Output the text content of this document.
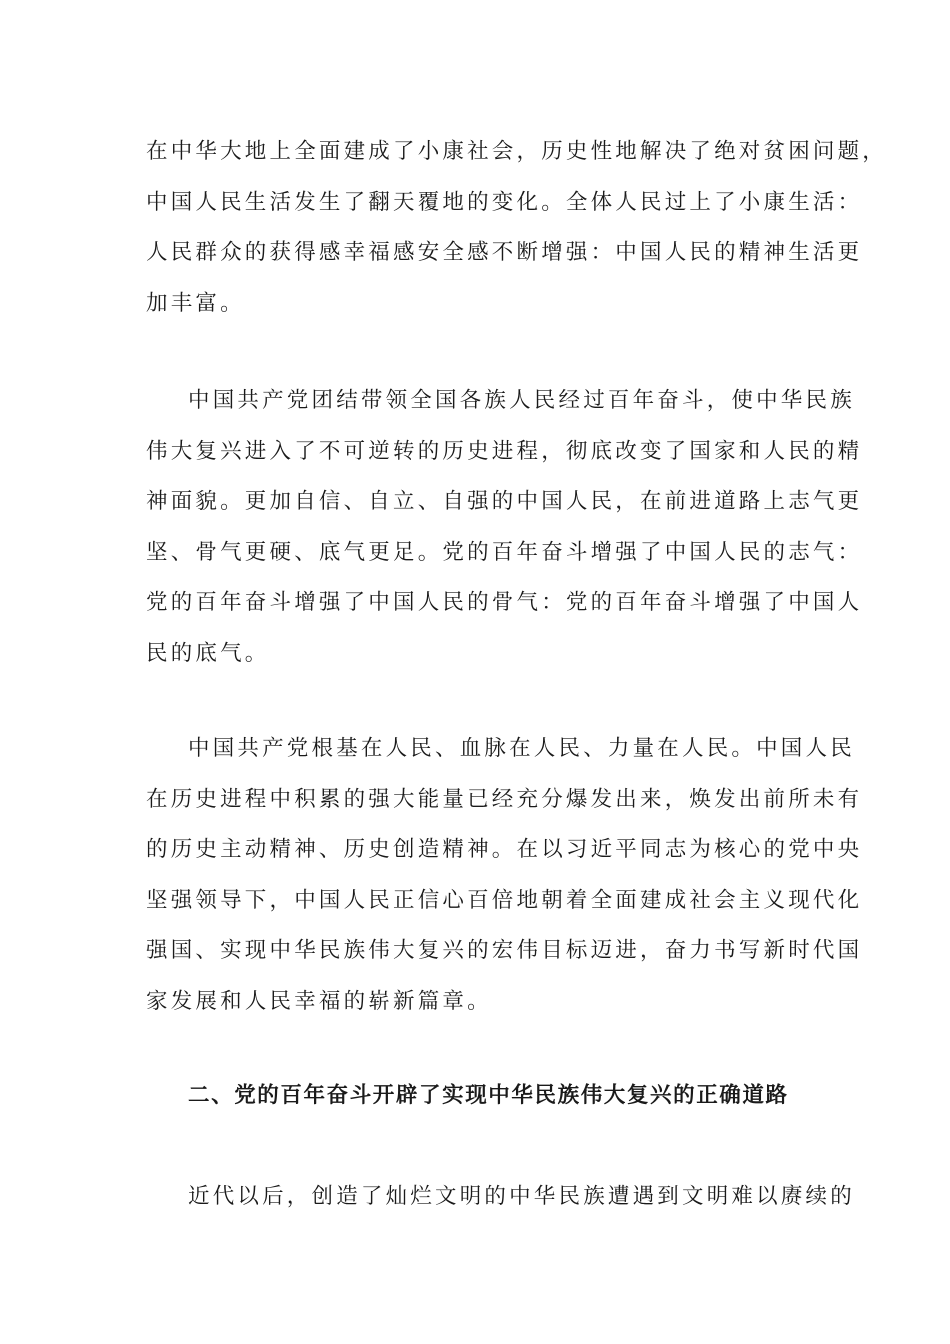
在中华大地上全面建成了小康社会，历史性地解决了绝对贫困问题，
中国人民生活发生了翻天覆地的变化。全体人民过上了小康生活：
人民群众的获得感幸福感安全感不断增强：中国人民的精神生活更
加丰富。

中国共产党团结带领全国各族人民经过百年奋斗，使中华民族
伟大复兴进入了不可逆转的历史进程，彻底改变了国家和人民的精
神面貌。更加自信、自立、自强的中国人民，在前进道路上志气更
坚、骨气更硬、底气更足。党的百年奋斗增强了中国人民的志气：
党的百年奋斗增强了中国人民的骨气：党的百年奋斗增强了中国人
民的底气。

中国共产党根基在人民、血脉在人民、力量在人民。中国人民
在历史进程中积累的强大能量已经充分爆发出来，焕发出前所未有
的历史主动精神、历史创造精神。在以习近平同志为核心的党中央
坚强领导下，中国人民正信心百倍地朝着全面建成社会主义现代化
强国、实现中华民族伟大复兴的宏伟目标迈进，奋力书写新时代国
家发展和人民幸福的崭新篇章。

二、党的百年奋斗开辟了实现中华民族伟大复兴的正确道路

近代以后，创造了灿烂文明的中华民族遭遇到文明难以赓续的
